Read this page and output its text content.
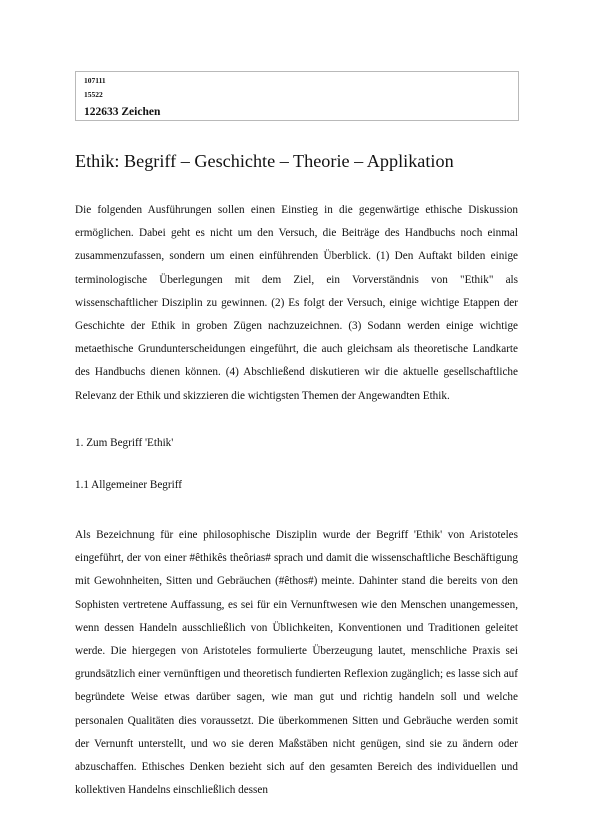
107111
15522
122633 Zeichen
Ethik: Begriff – Geschichte – Theorie – Applikation

Die folgenden Ausführungen sollen einen Einstieg in die gegenwärtige ethische Diskussion ermöglichen. Dabei geht es nicht um den Versuch, die Beiträge des Handbuchs noch einmal zusammenzufassen, sondern um einen einführenden Überblick. (1) Den Auftakt bilden einige terminologische Überlegungen mit dem Ziel, ein Vorverständnis von "Ethik" als wissenschaftlicher Disziplin zu gewinnen. (2) Es folgt der Versuch, einige wichtige Etappen der Geschichte der Ethik in groben Zügen nachzuzeichnen. (3) Sodann werden einige wichtige metaethische Grundunterscheidungen eingeführt, die auch gleichsam als theoretische Landkarte des Handbuchs dienen können. (4) Abschließend diskutieren wir die aktuelle gesellschaftliche Relevanz der Ethik und skizzieren die wichtigsten Themen der Angewandten Ethik.

1. Zum Begriff 'Ethik'
1.1 Allgemeiner Begriff

Als Bezeichnung für eine philosophische Disziplin wurde der Begriff 'Ethik' von Aristoteles eingeführt, der von einer #êthikês theôrias# sprach und damit die wissenschaftliche Beschäftigung mit Gewohnheiten, Sitten und Gebräuchen (#êthos#) meinte. Dahinter stand die bereits von den Sophisten vertretene Auffassung, es sei für ein Vernunftwesen wie den Menschen unangemessen, wenn dessen Handeln ausschließlich von Üblichkeiten, Konventionen und Traditionen geleitet werde. Die hiergegen von Aristoteles formulierte Überzeugung lautet, menschliche Praxis sei grundsätzlich einer vernünftigen und theoretisch fundierten Reflexion zugänglich; es lasse sich auf begründete Weise etwas darüber sagen, wie man gut und richtig handeln soll und welche personalen Qualitäten dies voraussetzt. Die überkommenen Sitten und Gebräuche werden somit der Vernunft unterstellt, und wo sie deren Maßstäben nicht genügen, sind sie zu ändern oder abzuschaffen. Ethisches Denken bezieht sich auf den gesamten Bereich des individuellen und kollektiven Handelns einschließlich dessen
